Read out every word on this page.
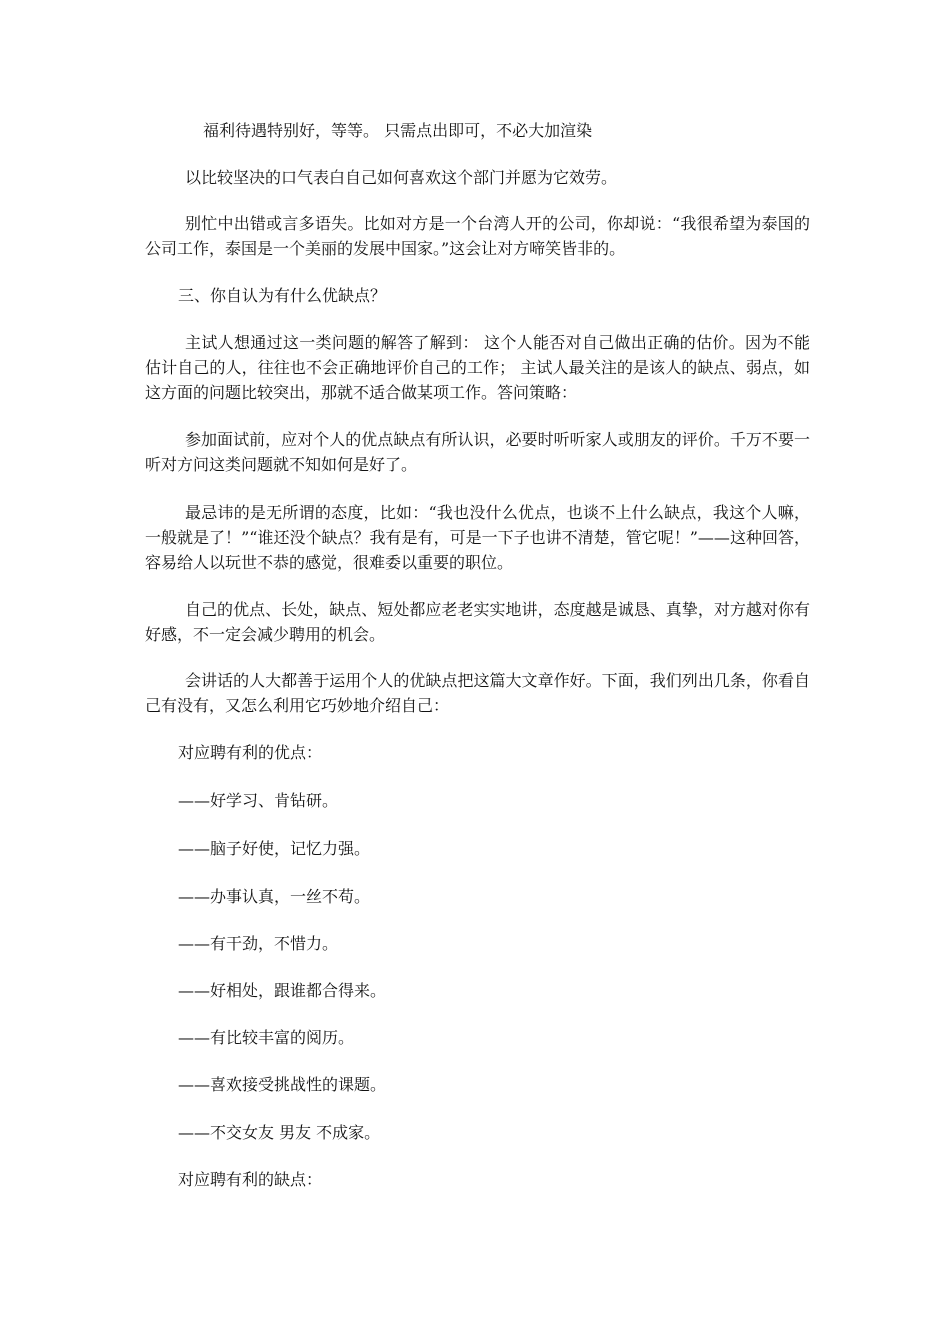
福利待遇特别好，等等。 只需点出即可，不必大加渲染

以比较坚决的口气表白自己如何喜欢这个部门并愿为它效劳。

别忙中出错或言多语失。比如对方是一个台湾人开的公司，你却说：“我很希望为泰国的公司工作，泰国是一个美丽的发展中国家。”这会让对方啼笑皆非的。

三、你自认为有什么优缺点？

主试人想通过这一类问题的解答了解到： 这个人能否对自己做出正确的估价。因为不能估计自己的人，往往也不会正确地评价自己的工作； 主试人最关注的是该人的缺点、弱点，如这方面的问题比较突出，那就不适合做某项工作。答问策略：

参加面试前，应对个人的优点缺点有所认识，必要时听听家人或朋友的评价。千万不要一听对方问这类问题就不知如何是好了。

最忌讳的是无所谓的态度，比如：“我也没什么优点，也谈不上什么缺点，我这个人嘛，一般就是了！”“谁还没个缺点？我有是有，可是一下子也讲不清楚，管它呢！”——这种回答，容易给人以玩世不恭的感觉，很难委以重要的职位。

自己的优点、长处，缺点、短处都应老老实实地讲，态度越是诚恳、真挚，对方越对你有好感，不一定会减少聘用的机会。

会讲话的人大都善于运用个人的优缺点把这篇大文章作好。下面，我们列出几条，你看自己有没有，又怎么利用它巧妙地介绍自己：

对应聘有利的优点：

——好学习、肯钻研。

——脑子好使，记忆力强。

——办事认真，一丝不苟。

——有干劲，不惜力。

——好相处，跟谁都合得来。

——有比较丰富的阅历。

——喜欢接受挑战性的课题。

——不交女友 男友 不成家。

对应聘有利的缺点：
